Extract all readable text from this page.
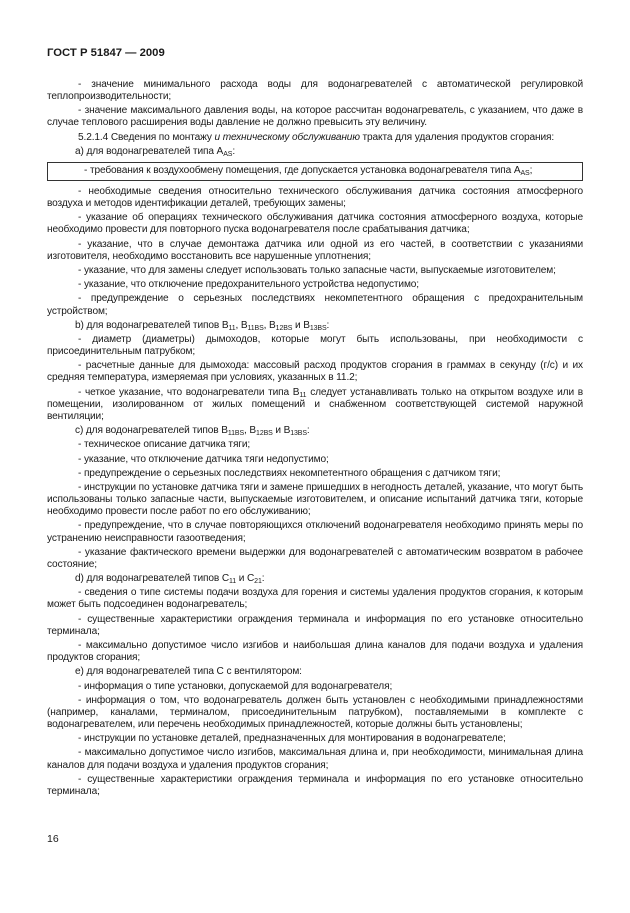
ГОСТ Р 51847 — 2009

- значение минимального расхода воды для водонагревателей с автоматической регулировкой теплопроизводительности;

- значение максимального давления воды, на которое рассчитан водонагреватель, с указанием, что даже в случае теплового расширения воды давление не должно превысить эту величину.

5.2.1.4 Сведения по монтажу и техническому обслуживанию тракта для удаления продуктов сгорания:

a) для водонагревателей типа $A_{AS}$:

- требования к воздухообмену помещения, где допускается установка водонагревателя типа $A_{AS}$;

- необходимые сведения относительно технического обслуживания датчика состояния атмосферного воздуха и методов идентификации деталей, требующих замены;

- указание об операциях технического обслуживания датчика состояния атмосферного воздуха, которые необходимо провести для повторного пуска водонагревателя после срабатывания датчика;

- указание, что в случае демонтажа датчика или одной из его частей, в соответствии с указаниями изготовителя, необходимо восстановить все нарушенные уплотнения;

- указание, что для замены следует использовать только запасные части, выпускаемые изготовителем;

- указание, что отключение предохранительного устройства недопустимо;

- предупреждение о серьезных последствиях некомпетентного обращения с предохранительным устройством;

b) для водонагревателей типов $B_{11}$, $B_{11BS}$, $B_{12BS}$ и $B_{13BS}$:

- диаметр (диаметры) дымоходов, которые могут быть использованы, при необходимости с присоединительным патрубком;

- расчетные данные для дымохода: массовый расход продуктов сгорания в граммах в секунду (г/с) и их средняя температура, измеряемая при условиях, указанных в 11.2;

- четкое указание, что водонагреватели типа $B_{11}$ следует устанавливать только на открытом воздухе или в помещении, изолированном от жилых помещений и снабженном соответствующей системой наружной вентиляции;

c) для водонагревателей типов $B_{11BS}$, $B_{12BS}$ и $B_{13BS}$:

- техническое описание датчика тяги;

- указание, что отключение датчика тяги недопустимо;

- предупреждение о серьезных последствиях некомпетентного обращения с датчиком тяги;

- инструкции по установке датчика тяги и замене пришедших в негодность деталей, указание, что могут быть использованы только запасные части, выпускаемые изготовителем, и описание испытаний датчика тяги, которые необходимо провести после работ по его обслуживанию;

- предупреждение, что в случае повторяющихся отключений водонагревателя необходимо принять меры по устранению неисправности газоотведения;

- указание фактического времени выдержки для водонагревателей с автоматическим возвратом в рабочее состояние;

d) для водонагревателей типов $C_{11}$ и $C_{21}$:

- сведения о типе системы подачи воздуха для горения и системы удаления продуктов сгорания, к которым может быть подсоединен водонагреватель;

- существенные характеристики ограждения терминала и информация по его установке относительно терминала;

- максимально допустимое число изгибов и наибольшая длина каналов для подачи воздуха и удаления продуктов сгорания;

e) для водонагревателей типа C с вентилятором:

- информация о типе установки, допускаемой для водонагревателя;

- информация о том, что водонагреватель должен быть установлен с необходимыми принадлежностями (например, каналами, терминалом, присоединительным патрубком), поставляемыми в комплекте с водонагревателем, или перечень необходимых принадлежностей, которые должны быть установлены;

- инструкции по установке деталей, предназначенных для монтирования в водонагревателе;

- максимально допустимое число изгибов, максимальная длина и, при необходимости, минимальная длина каналов для подачи воздуха и удаления продуктов сгорания;

- существенные характеристики ограждения терминала и информация по его установке относительно терминала;

16
